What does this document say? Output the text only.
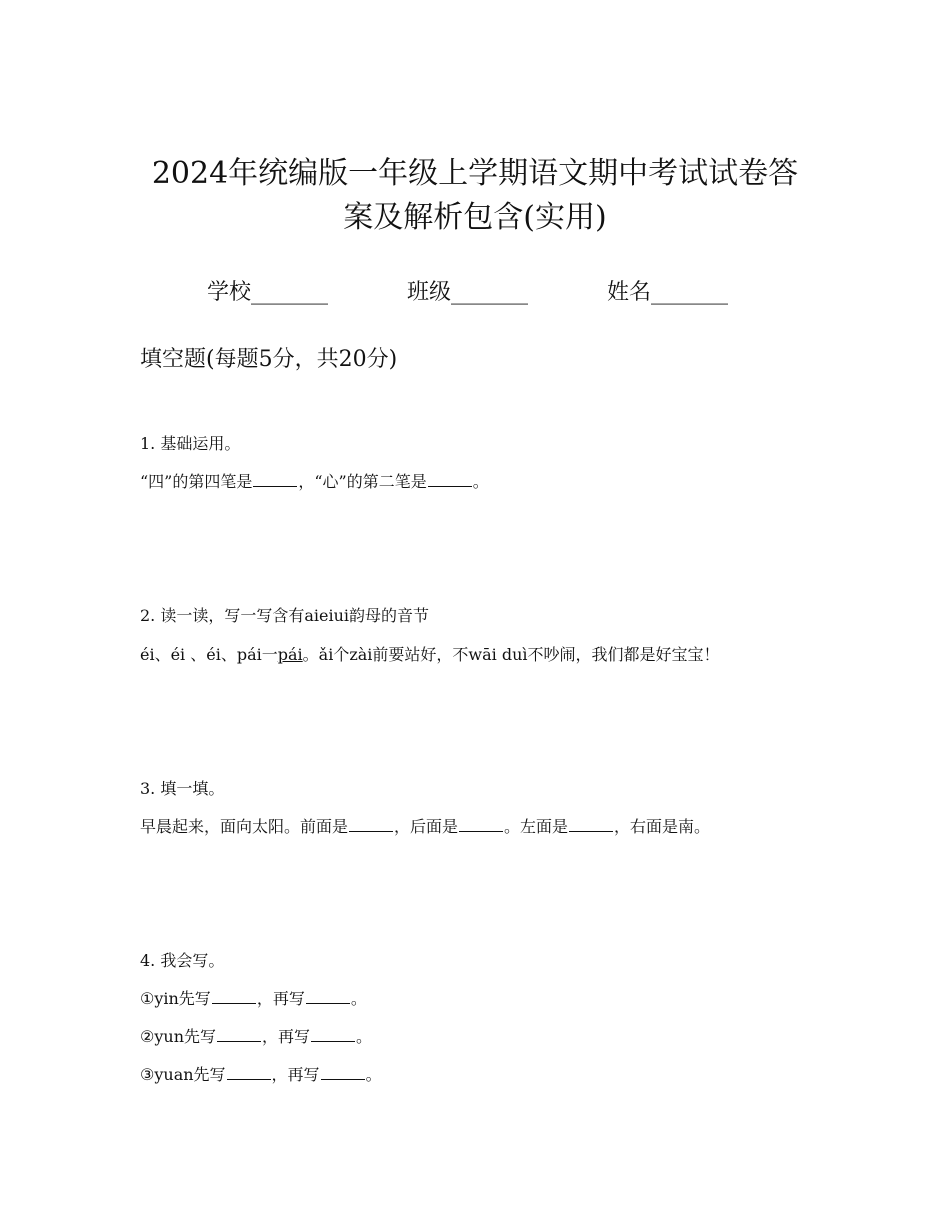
2024年统编版一年级上学期语文期中考试试卷答
案及解析包含(实用)
学校_______	班级_______	姓名_______
填空题(每题5分，共20分)
1. 基础运用。
“四”的第四笔是	，“心”的第二笔是	。
2. 读一读，写一写含有aieiui韵母的音节
éi、éi 、éi、pái一pái。ǎi个zài前要站好，不wāi duì不吵闹，我们都是好宝宝！
3. 填一填。
早晨起来，面向太阳。前面是	，后面是	。左面是	，右面是南。
4. 我会写。
①yin先写	，再写	。
②yun先写	，再写	。
③yuan先写	，再写	。
